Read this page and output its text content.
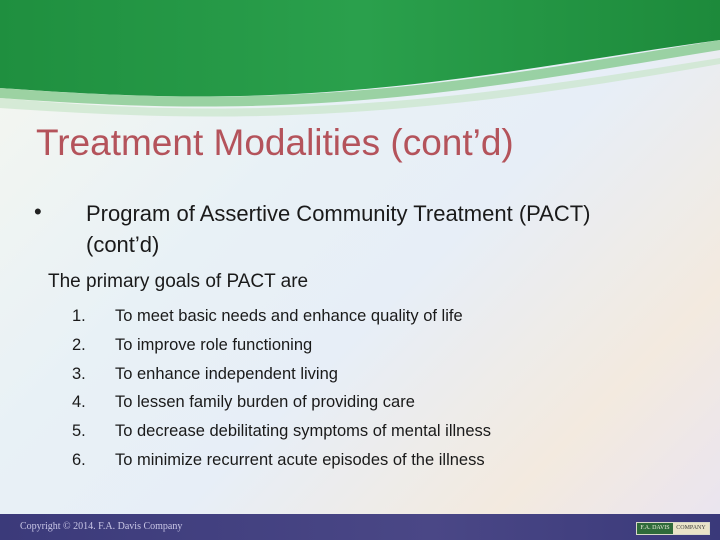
Treatment Modalities (cont’d)
• Program of Assertive Community Treatment (PACT) (cont’d)
The primary goals of PACT are
1.	To meet basic needs and enhance quality of life
2.	To improve role functioning
3.	To enhance independent living
4.	To lessen family burden of providing care
5.	To decrease debilitating symptoms of mental illness
6.	To minimize recurrent acute episodes of the illness
Copyright © 2014. F.A. Davis Company	F.A. DAVIS	COMPANY
